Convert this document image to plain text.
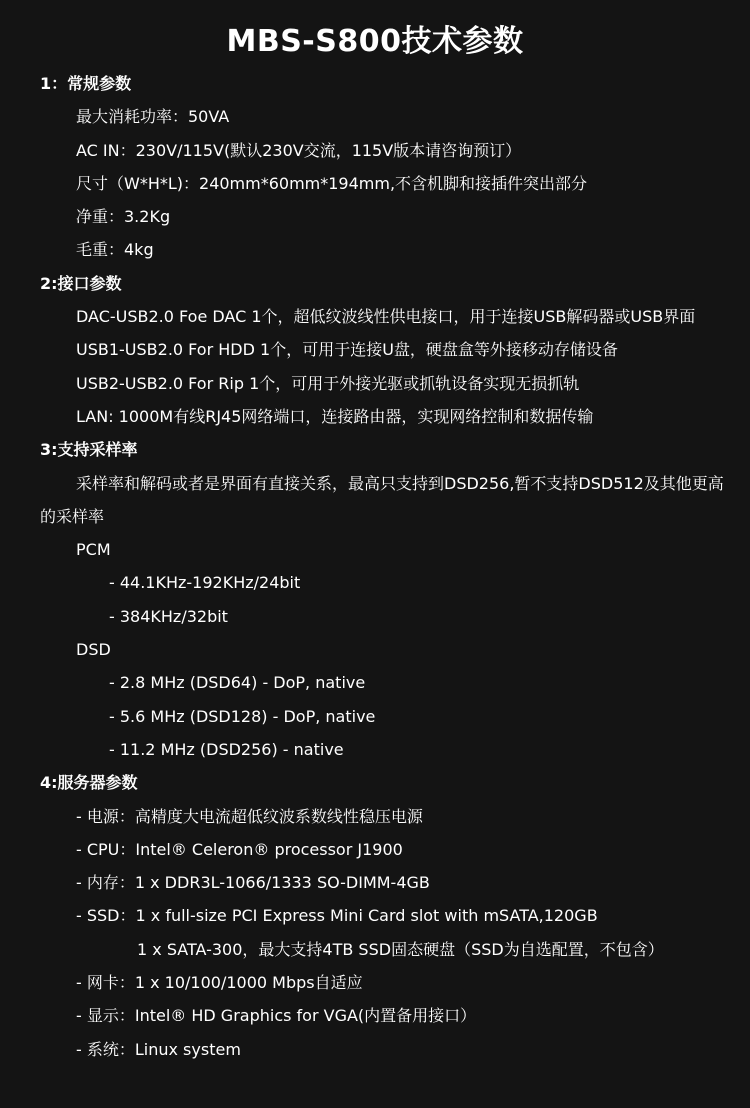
MBS-S800技术参数
1：常规参数
最大消耗功率：50VA
AC IN：230V/115V(默认230V交流，115V版本请咨询预订）
尺寸（W*H*L)：240mm*60mm*194mm,不含机脚和接插件突出部分
净重：3.2Kg
毛重：4kg
2:接口参数
DAC-USB2.0 Foe DAC 1个，超低纹波线性供电接口，用于连接USB解码器或USB界面
USB1-USB2.0 For HDD 1个，可用于连接U盘，硬盘盒等外接移动存储设备
USB2-USB2.0 For Rip 1个，可用于外接光驱或抓轨设备实现无损抓轨
LAN: 1000M有线RJ45网络端口，连接路由器，实现网络控制和数据传输
3:支持采样率
采样率和解码或者是界面有直接关系，最高只支持到DSD256,暂不支持DSD512及其他更高的采样率
PCM
- 44.1KHz-192KHz/24bit
- 384KHz/32bit
DSD
- 2.8 MHz (DSD64) - DoP, native
- 5.6 MHz (DSD128) - DoP, native
- 11.2 MHz (DSD256) - native
4:服务器参数
- 电源：高精度大电流超低纹波系数线性稳压电源
- CPU：Intel® Celeron® processor J1900
- 内存：1 x DDR3L-1066/1333 SO-DIMM-4GB
- SSD：1 x full-size PCI Express Mini Card slot with mSATA,120GB
1 x SATA-300，最大支持4TB SSD固态硬盘（SSD为自选配置，不包含）
- 网卡：1 x 10/100/1000 Mbps自适应
- 显示：Intel® HD Graphics for VGA(内置备用接口）
- 系统：Linux system
